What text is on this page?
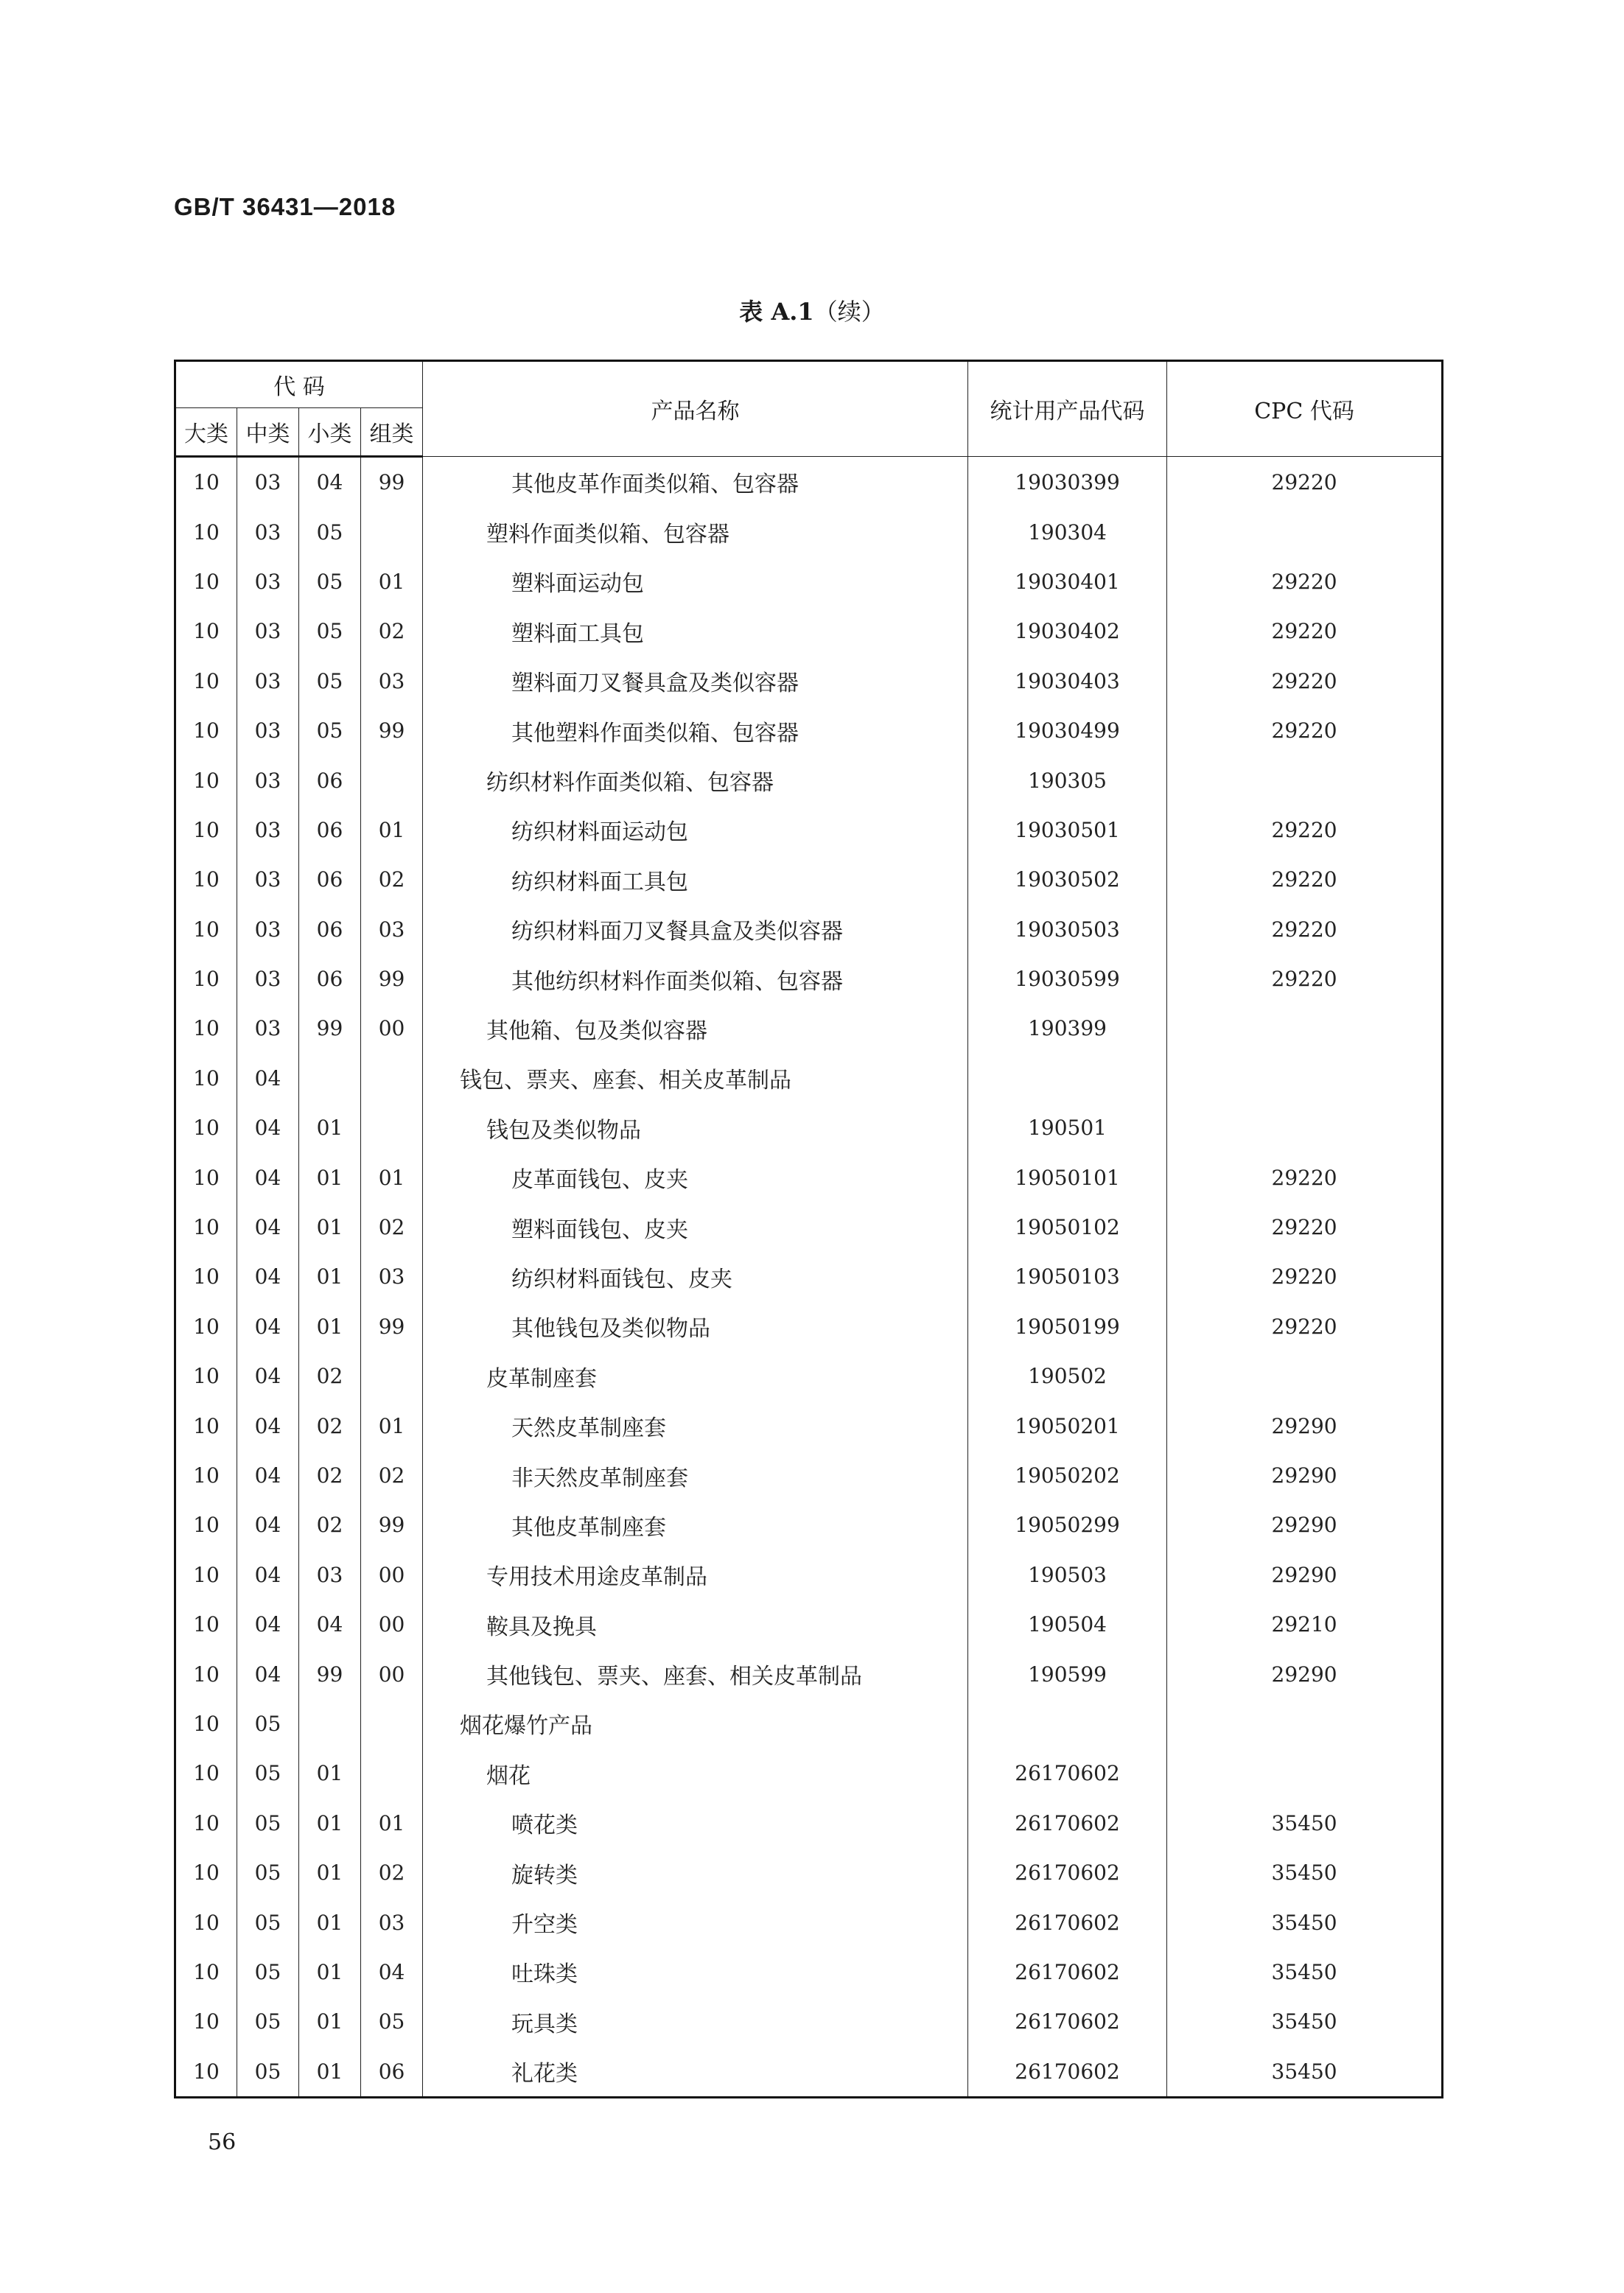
GB/T 36431—2018
表 A.1（续）
代 码				产品名称	统计用产品代码	CPC 代码
大类	中类	小类	组类			
10	03	04	99	其他皮革作面类似箱、包容器	19030399	29220
10	03	05		塑料作面类似箱、包容器	190304	
10	03	05	01	塑料面运动包	19030401	29220
10	03	05	02	塑料面工具包	19030402	29220
10	03	05	03	塑料面刀叉餐具盒及类似容器	19030403	29220
10	03	05	99	其他塑料作面类似箱、包容器	19030499	29220
10	03	06		纺织材料作面类似箱、包容器	190305	
10	03	06	01	纺织材料面运动包	19030501	29220
10	03	06	02	纺织材料面工具包	19030502	29220
10	03	06	03	纺织材料面刀叉餐具盒及类似容器	19030503	29220
10	03	06	99	其他纺织材料作面类似箱、包容器	19030599	29220
10	03	99	00	其他箱、包及类似容器	190399	
10	04			钱包、票夹、座套、相关皮革制品		
10	04	01		钱包及类似物品	190501	
10	04	01	01	皮革面钱包、皮夹	19050101	29220
10	04	01	02	塑料面钱包、皮夹	19050102	29220
10	04	01	03	纺织材料面钱包、皮夹	19050103	29220
10	04	01	99	其他钱包及类似物品	19050199	29220
10	04	02		皮革制座套	190502	
10	04	02	01	天然皮革制座套	19050201	29290
10	04	02	02	非天然皮革制座套	19050202	29290
10	04	02	99	其他皮革制座套	19050299	29290
10	04	03	00	专用技术用途皮革制品	190503	29290
10	04	04	00	鞍具及挽具	190504	29210
10	04	99	00	其他钱包、票夹、座套、相关皮革制品	190599	29290
10	05			烟花爆竹产品		
10	05	01		烟花	26170602	
10	05	01	01	喷花类	26170602	35450
10	05	01	02	旋转类	26170602	35450
10	05	01	03	升空类	26170602	35450
10	05	01	04	吐珠类	26170602	35450
10	05	01	05	玩具类	26170602	35450
10	05	01	06	礼花类	26170602	35450
56
